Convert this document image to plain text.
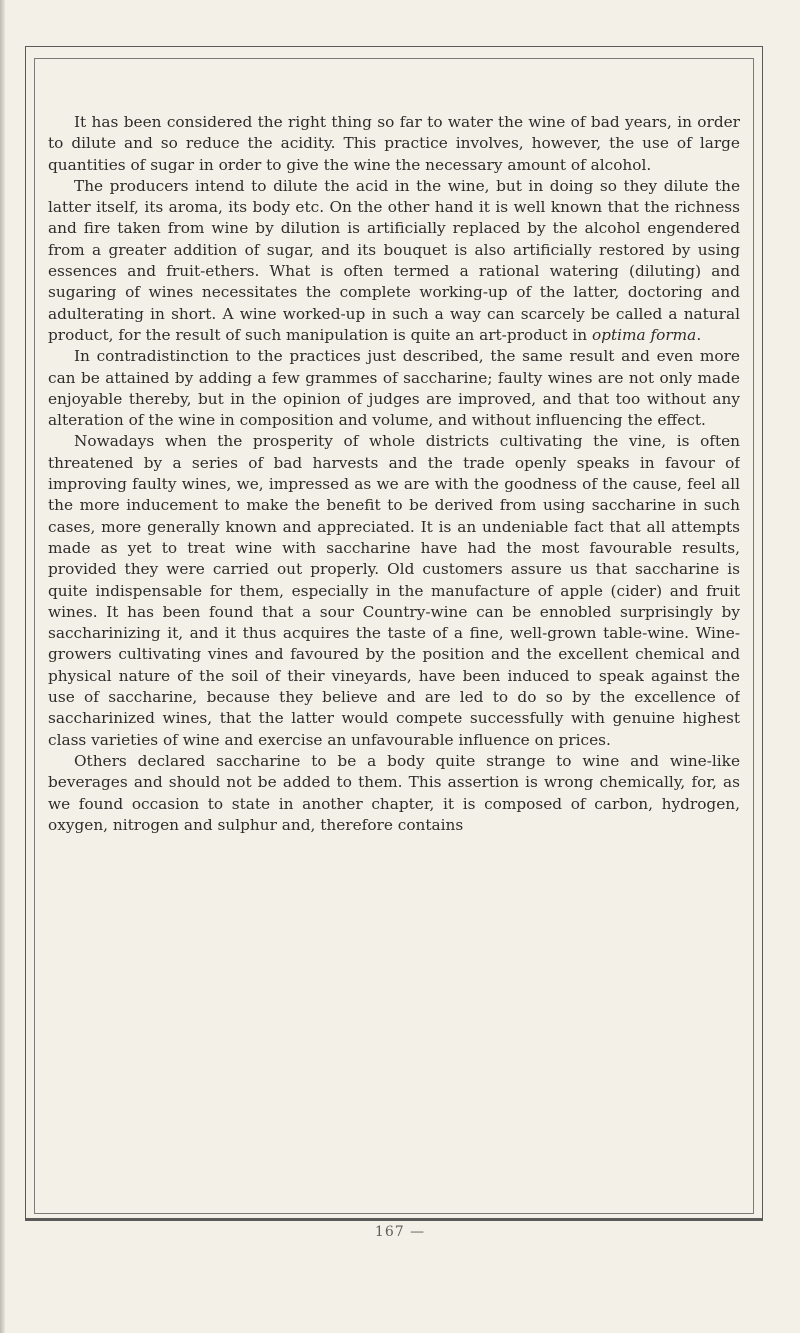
It has been considered the right thing so far to water the wine of bad years, in order to dilute and so reduce the acidity. This practice involves, however, the use of large quantities of sugar in order to give the wine the necessary amount of alcohol.

The producers intend to dilute the acid in the wine, but in doing so they dilute the latter itself, its aroma, its body etc. On the other hand it is well known that the richness and fire taken from wine by dilution is artificially replaced by the alcohol engendered from a greater addition of sugar, and its bouquet is also artificially restored by using essences and fruit-ethers. What is often termed a rational watering (diluting) and sugaring of wines necessitates the complete working-up of the latter, doctoring and adulterating in short. A wine worked-up in such a way can scarcely be called a natural product, for the result of such manipulation is quite an art-product in optima forma.

In contradistinction to the practices just described, the same result and even more can be attained by adding a few grammes of saccharine; faulty wines are not only made enjoyable thereby, but in the opinion of judges are improved, and that too without any alteration of the wine in composition and volume, and without influencing the effect.

Nowadays when the prosperity of whole districts cultivating the vine, is often threatened by a series of bad harvests and the trade openly speaks in favour of improving faulty wines, we, impressed as we are with the goodness of the cause, feel all the more inducement to make the benefit to be derived from using saccharine in such cases, more generally known and appreciated. It is an undeniable fact that all attempts made as yet to treat wine with saccharine have had the most favourable results, provided they were carried out properly. Old customers assure us that saccharine is quite indispensable for them, especially in the manufacture of apple (cider) and fruit wines. It has been found that a sour Country-wine can be ennobled surprisingly by saccharinizing it, and it thus acquires the taste of a fine, well-grown table-wine. Wine-growers cultivating vines and favoured by the position and the excellent chemical and physical nature of the soil of their vineyards, have been induced to speak against the use of saccharine, because they believe and are led to do so by the excellence of saccharinized wines, that the latter would compete successfully with genuine highest class varieties of wine and exercise an unfavourable influence on prices.

Others declared saccharine to be a body quite strange to wine and wine-like beverages and should not be added to them. This assertion is wrong chemically, for, as we found occasion to state in another chapter, it is composed of carbon, hydrogen, oxygen, nitrogen and sulphur and, therefore contains

167 —
